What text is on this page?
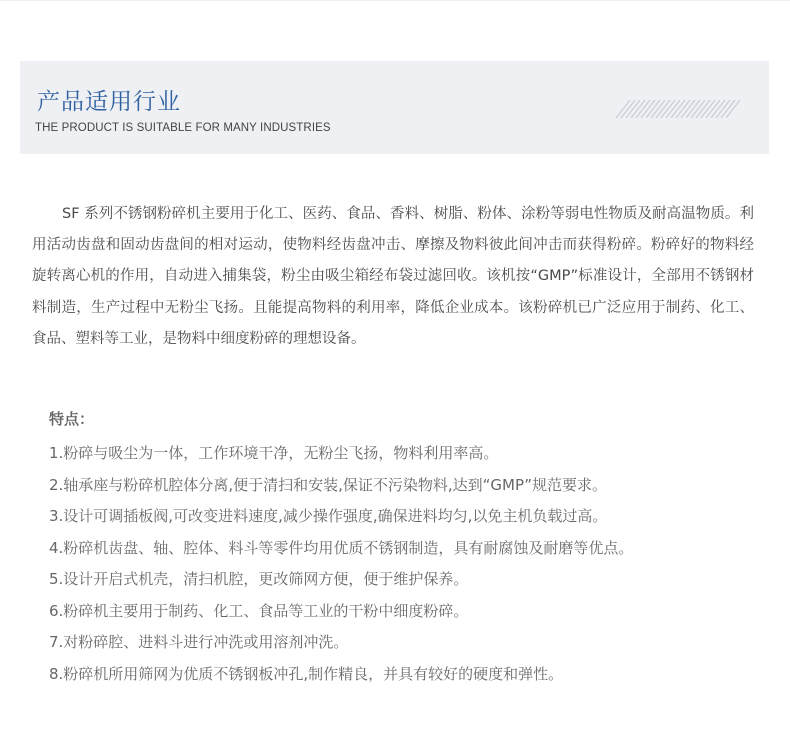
产品适用行业
THE PRODUCT IS SUITABLE FOR MANY INDUSTRIES

SF 系列不锈钢粉碎机主要用于化工、医药、食品、香料、树脂、粉体、涂粉等弱电性物质及耐高温物质。利用活动齿盘和固动齿盘间的相对运动，使物料经齿盘冲击、摩擦及物料彼此间冲击而获得粉碎。粉碎好的物料经旋转离心机的作用，自动进入捕集袋，粉尘由吸尘箱经布袋过滤回收。该机按“GMP”标准设计，全部用不锈钢材料制造，生产过程中无粉尘飞扬。且能提高物料的利用率，降低企业成本。该粉碎机已广泛应用于制药、化工、食品、塑料等工业，是物料中细度粉碎的理想设备。

特点：
1.粉碎与吸尘为一体，工作环境干净，无粉尘飞扬，物料利用率高。
2.轴承座与粉碎机腔体分离,便于清扫和安装,保证不污染物料,达到“GMP”规范要求。
3.设计可调插板阀,可改变进料速度,减少操作强度,确保进料均匀,以免主机负载过高。
4.粉碎机齿盘、轴、腔体、料斗等零件均用优质不锈钢制造，具有耐腐蚀及耐磨等优点。
5.设计开启式机壳，清扫机腔，更改筛网方便，便于维护保养。
6.粉碎机主要用于制药、化工、食品等工业的干粉中细度粉碎。
7.对粉碎腔、进料斗进行冲洗或用溶剂冲洗。
8.粉碎机所用筛网为优质不锈钢板冲孔,制作精良，并具有较好的硬度和弹性。
